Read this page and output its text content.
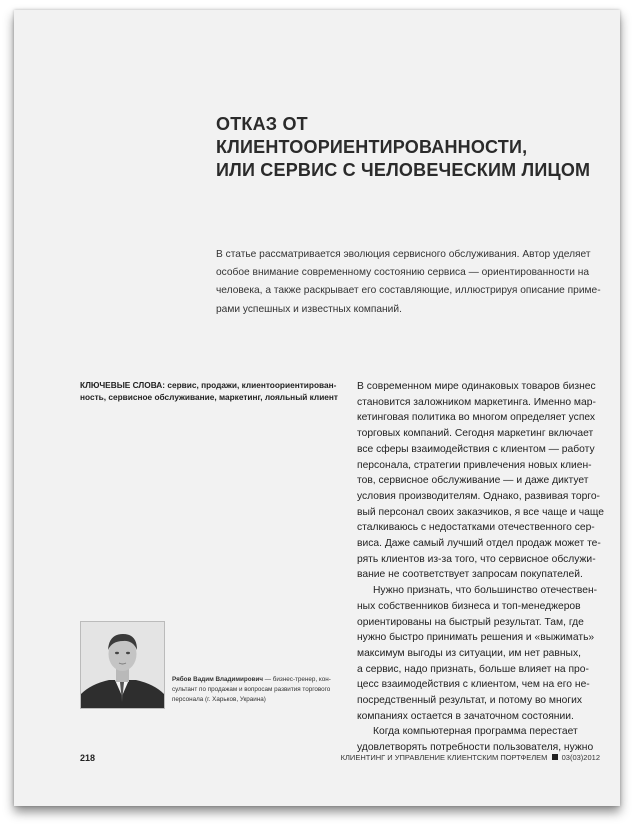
ОТКАЗ ОТ КЛИЕНТООРИЕНТИРОВАННОСТИ,
ИЛИ СЕРВИС С ЧЕЛОВЕЧЕСКИМ ЛИЦОМ
В статье рассматривается эволюция сервисного обслуживания. Автор уделяет
особое внимание современному состоянию сервиса — ориентированности на
человека, а также раскрывает его составляющие, иллюстрируя описание приме-
рами успешных и известных компаний.
КЛЮЧЕВЫЕ СЛОВА: сервис, продажи, клиентоориентирован-
ность, сервисное обслуживание, маркетинг, лояльный клиент
В современном мире одинаковых товаров бизнес
становится заложником маркетинга. Именно мар-
кетинговая политика во многом определяет успех
торговых компаний. Сегодня маркетинг включает
все сферы взаимодействия с клиентом — работу
персонала, стратегии привлечения новых клиен-
тов, сервисное обслуживание — и даже диктует
условия производителям. Однако, развивая торго-
вый персонал своих заказчиков, я все чаще и чаще
сталкиваюсь с недостатками отечественного сер-
виса. Даже самый лучший отдел продаж может те-
рять клиентов из-за того, что сервисное обслужи-
вание не соответствует запросам покупателей.
Нужно признать, что большинство отечествен-
ных собственников бизнеса и топ-менеджеров
ориентированы на быстрый результат. Там, где
нужно быстро принимать решения и «выжимать»
максимум выгоды из ситуации, им нет равных,
а сервис, надо признать, больше влияет на про-
цесс взаимодействия с клиентом, чем на его не-
посредственный результат, и потому во многих
компаниях остается в зачаточном состоянии.
Когда компьютерная программа перестает
удовлетворять потребности пользователя, нужно
Рябов Вадим Владимирович — бизнес-тренер, кон-
сультант по продажам и вопросам развития торгового
персонала (г. Харьков, Украина)
218	КЛИЕНТИНГ И УПРАВЛЕНИЕ КЛИЕНТСКИМ ПОРТФЕЛЕМ 03(03)2012
